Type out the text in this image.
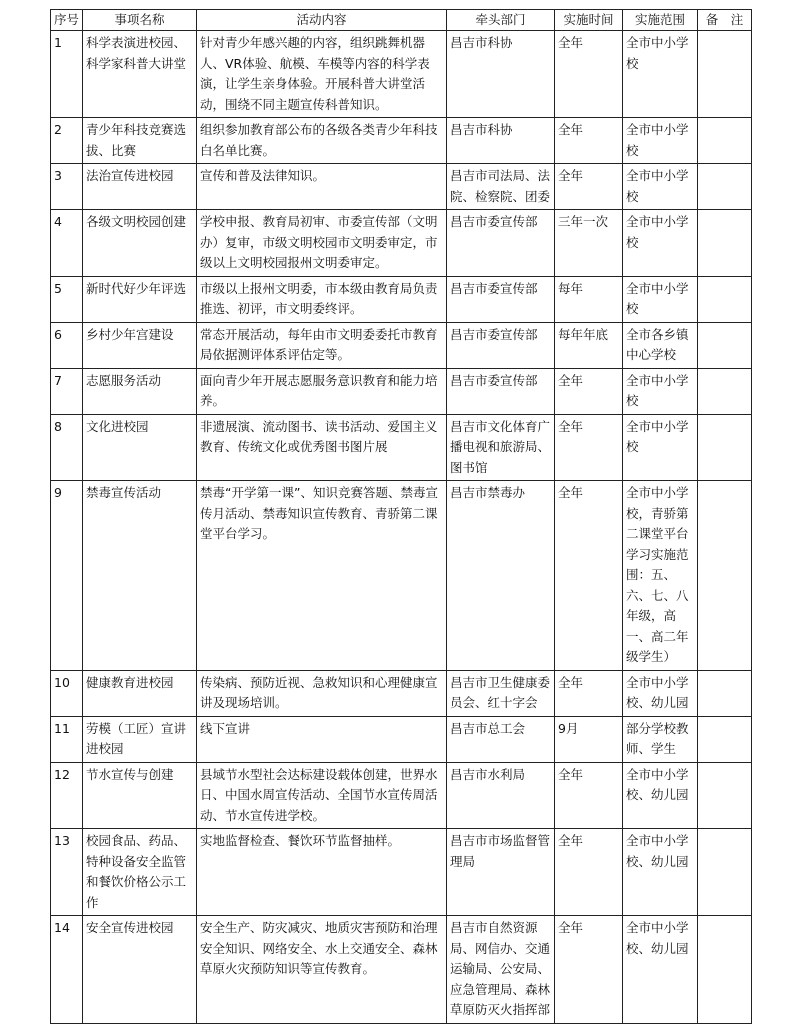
序号	事项名称	活动内容	牵头部门	实施时间	实施范围	备　注
1	科学表演进校园、科学家科普大讲堂	针对青少年感兴趣的内容，组织跳舞机器人、VR体验、航模、车模等内容的科学表演，让学生亲身体验。开展科普大讲堂活动，围绕不同主题宣传科普知识。	昌吉市科协	全年	全市中小学校	
2	青少年科技竞赛选拔、比赛	组织参加教育部公布的各级各类青少年科技白名单比赛。	昌吉市科协	全年	全市中小学校	
3	法治宣传进校园	宣传和普及法律知识。	昌吉市司法局、法院、检察院、团委	全年	全市中小学校	
4	各级文明校园创建	学校申报、教育局初审、市委宣传部（文明办）复审，市级文明校园市文明委审定，市级以上文明校园报州文明委审定。	昌吉市委宣传部	三年一次	全市中小学校	
5	新时代好少年评选	市级以上报州文明委，市本级由教育局负责推选、初评，市文明委终评。	昌吉市委宣传部	每年	全市中小学校	
6	乡村少年宫建设	常态开展活动，每年由市文明委委托市教育局依据测评体系评估定等。	昌吉市委宣传部	每年年底	全市各乡镇中心学校	
7	志愿服务活动	面向青少年开展志愿服务意识教育和能力培养。	昌吉市委宣传部	全年	全市中小学校	
8	文化进校园	非遗展演、流动图书、读书活动、爱国主义教育、传统文化或优秀图书图片展	昌吉市文化体育广播电视和旅游局、图书馆	全年	全市中小学校	
9	禁毒宣传活动	禁毒“开学第一课”、知识竞赛答题、禁毒宣传月活动、禁毒知识宣传教育、青骄第二课堂平台学习。	昌吉市禁毒办	全年	全市中小学校，青骄第二课堂平台学习实施范围：五、六、七、八年级，高一、高二年级学生）	
10	健康教育进校园	传染病、预防近视、急救知识和心理健康宣讲及现场培训。	昌吉市卫生健康委员会、红十字会	全年	全市中小学校、幼儿园	
11	劳模（工匠）宣讲进校园	线下宣讲	昌吉市总工会	9月	部分学校教师、学生	
12	节水宣传与创建	县域节水型社会达标建设载体创建，世界水日、中国水周宣传活动、全国节水宣传周活动、节水宣传进学校。	昌吉市水利局	全年	全市中小学校、幼儿园	
13	校园食品、药品、特种设备安全监管和餐饮价格公示工作	实地监督检查、餐饮环节监督抽样。	昌吉市市场监督管理局	全年	全市中小学校、幼儿园	
14	安全宣传进校园	安全生产、防灾减灾、地质灾害预防和治理安全知识、网络安全、水上交通安全、森林草原火灾预防知识等宣传教育。	昌吉市自然资源局、网信办、交通运输局、公安局、应急管理局、森林草原防灭火指挥部	全年	全市中小学校、幼儿园	
